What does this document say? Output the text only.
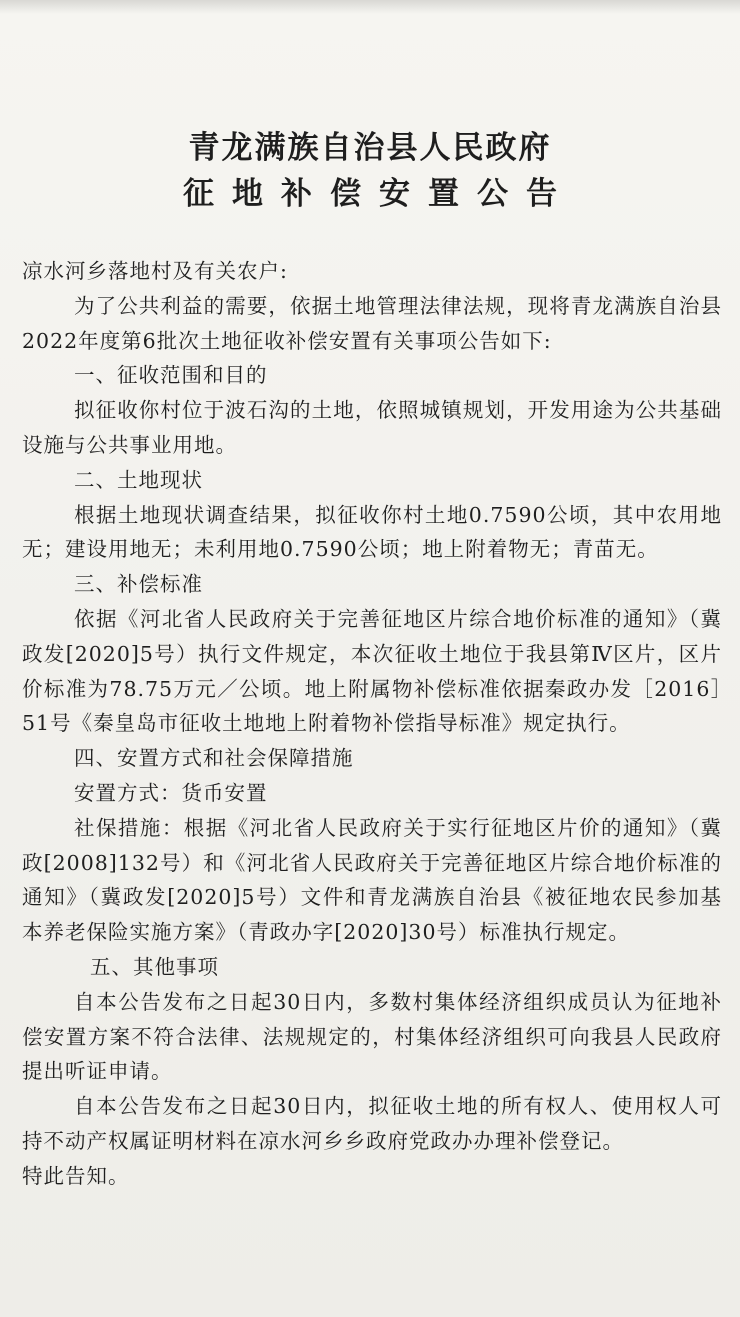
青龙满族自治县人民政府
征地补偿安置公告

凉水河乡落地村及有关农户:

为了公共利益的需要，依据土地管理法律法规，现将青龙满族自治县2022年度第6批次土地征收补偿安置有关事项公告如下:

一、征收范围和目的

拟征收你村位于波石沟的土地，依照城镇规划，开发用途为公共基础设施与公共事业用地。

二、土地现状

根据土地现状调查结果，拟征收你村土地0.7590公顷，其中农用地无；建设用地无；未利用地0.7590公顷；地上附着物无；青苗无。

三、补偿标准

依据《河北省人民政府关于完善征地区片综合地价标准的通知》（冀政发[2020]5号）执行文件规定，本次征收土地位于我县第Ⅳ区片，区片价标准为78.75万元／公顷。地上附属物补偿标准依据秦政办发［2016］51号《秦皇岛市征收土地地上附着物补偿指导标准》规定执行。

四、安置方式和社会保障措施

安置方式：货币安置

社保措施：根据《河北省人民政府关于实行征地区片价的通知》（冀政[2008]132号）和《河北省人民政府关于完善征地区片综合地价标准的通知》（冀政发[2020]5号）文件和青龙满族自治县《被征地农民参加基本养老保险实施方案》（青政办字[2020]30号）标准执行规定。

五、其他事项

自本公告发布之日起30日内，多数村集体经济组织成员认为征地补偿安置方案不符合法律、法规规定的，村集体经济组织可向我县人民政府提出听证申请。

自本公告发布之日起30日内，拟征收土地的所有权人、使用权人可持不动产权属证明材料在凉水河乡乡政府党政办办理补偿登记。

特此告知。
